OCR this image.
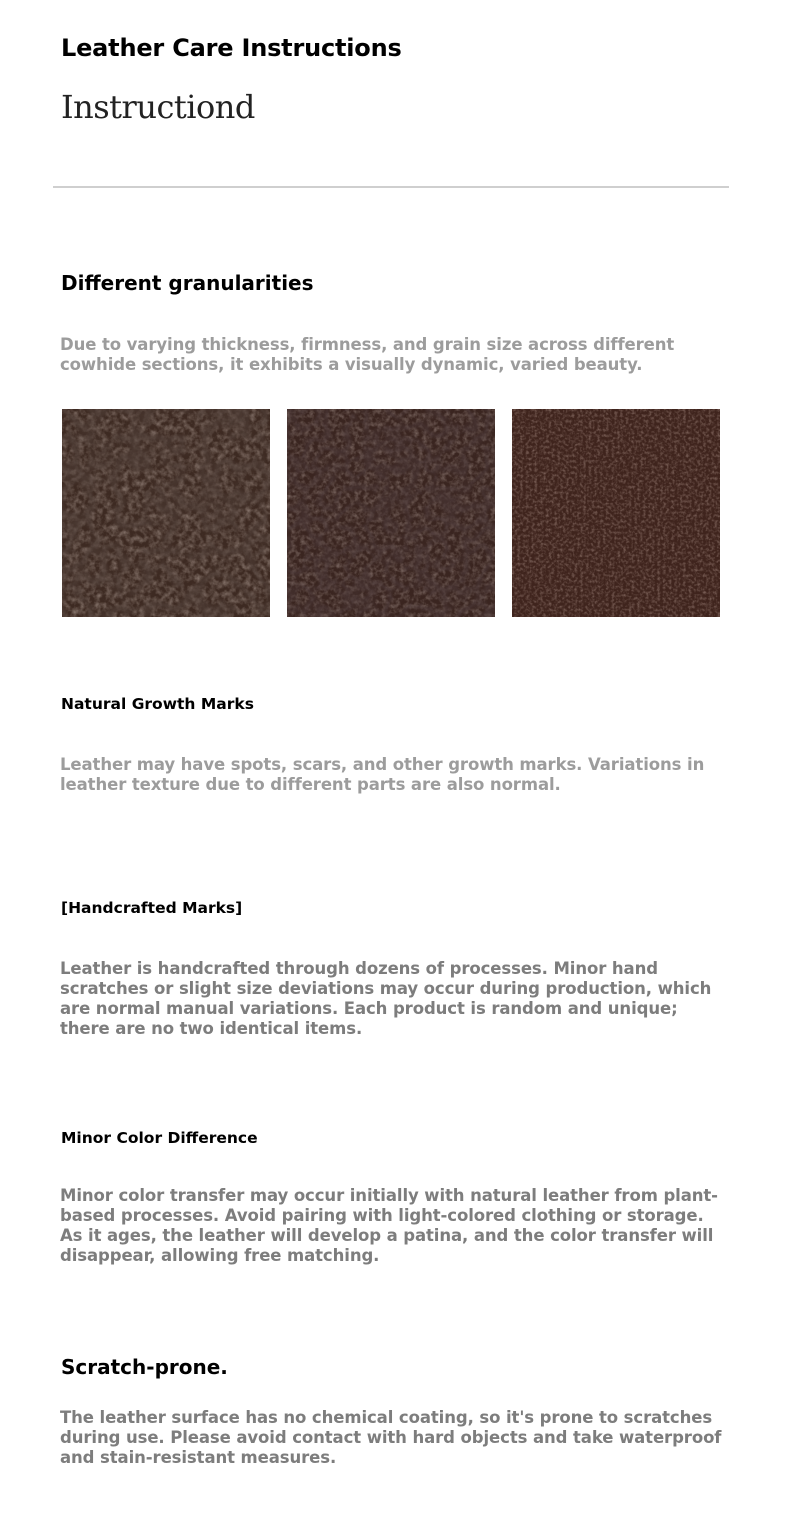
Leather Care Instructions
Instructiond
Different granularities
Due to varying thickness, firmness, and grain size across different cowhide sections, it exhibits a visually dynamic, varied beauty.
Natural Growth Marks
Leather may have spots, scars, and other growth marks. Variations in leather texture due to different parts are also normal.
[Handcrafted Marks]
Leather is handcrafted through dozens of processes. Minor hand scratches or slight size deviations may occur during production, which are normal manual variations. Each product is random and unique; there are no two identical items.
Minor Color Difference
Minor color transfer may occur initially with natural leather from plant-based processes. Avoid pairing with light-colored clothing or storage. As it ages, the leather will develop a patina, and the color transfer will disappear, allowing free matching.
Scratch-prone.
The leather surface has no chemical coating, so it's prone to scratches during use. Please avoid contact with hard objects and take waterproof and stain-resistant measures.
